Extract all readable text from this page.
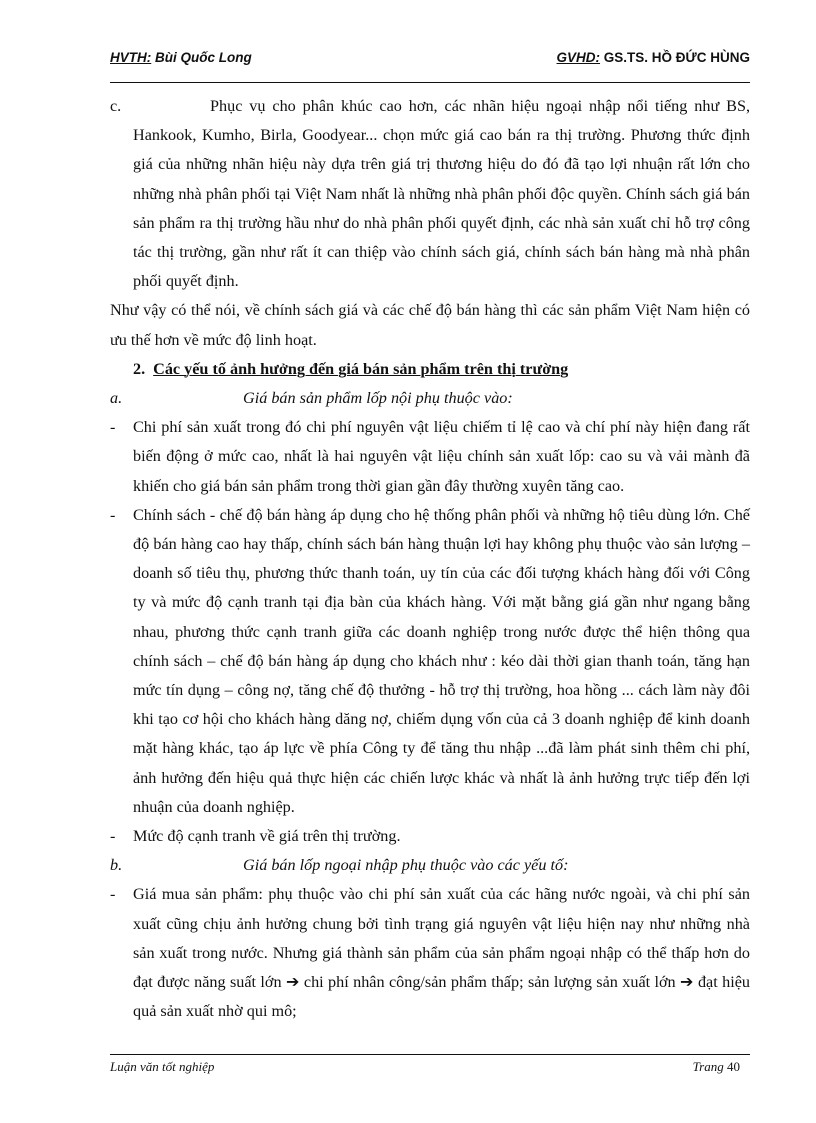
HVTH: Bùi Quốc Long	GVHD: GS.TS. HỒ ĐỨC HÙNG
c.	Phục vụ cho phân khúc cao hơn, các nhãn hiệu ngoại nhập nổi tiếng như BS, Hankook, Kumho, Birla, Goodyear... chọn mức giá cao bán ra thị trường. Phương thức định giá của những nhãn hiệu này dựa trên giá trị thương hiệu do đó đã tạo lợi nhuận rất lớn cho những nhà phân phối tại Việt Nam nhất là những nhà phân phối độc quyền. Chính sách giá bán sản phẩm ra thị trường hầu như do nhà phân phối quyết định, các nhà sản xuất chỉ hỗ trợ công tác thị trường, gần như rất ít can thiệp vào chính sách giá, chính sách bán hàng mà nhà phân phối quyết định.
Như vậy có thể nói, về chính sách giá và các chế độ bán hàng thì các sản phẩm Việt Nam hiện có ưu thế hơn về mức độ linh hoạt.
2. Các yếu tố ảnh hưởng đến giá bán sản phẩm trên thị trường
a.	Giá bán sản phẩm lốp nội phụ thuộc vào:
-	Chi phí sản xuất trong đó chi phí nguyên vật liệu chiếm tỉ lệ cao và chí phí này hiện đang rất biến động ở mức cao, nhất là hai nguyên vật liệu chính sản xuất lốp: cao su và vải mành đã khiến cho giá bán sản phẩm trong thời gian gần đây thường xuyên tăng cao.
-	Chính sách - chế độ bán hàng áp dụng cho hệ thống phân phối và những hộ tiêu dùng lớn. Chế độ bán hàng cao hay thấp, chính sách bán hàng thuận lợi hay không phụ thuộc vào sản lượng – doanh số tiêu thụ, phương thức thanh toán, uy tín của các đối tượng khách hàng đối với Công ty và mức độ cạnh tranh tại địa bàn của khách hàng. Với mặt bằng giá gần như ngang bằng nhau, phương thức cạnh tranh giữa các doanh nghiệp trong nước được thể hiện thông qua chính sách – chế độ bán hàng áp dụng cho khách như : kéo dài thời gian thanh toán, tăng hạn mức tín dụng – công nợ, tăng chế độ thưởng - hỗ trợ thị trường, hoa hồng ... cách làm này đôi khi tạo cơ hội cho khách hàng dăng nợ, chiếm dụng vốn của cả 3 doanh nghiệp để kinh doanh mặt hàng khác, tạo áp lực về phía Công ty để tăng thu nhập ...đã làm phát sinh thêm chi phí, ảnh hưởng đến hiệu quả thực hiện các chiến lược khác và nhất là ảnh hưởng trực tiếp đến lợi nhuận của doanh nghiệp.
-	Mức độ cạnh tranh về giá trên thị trường.
b.	Giá bán lốp ngoại nhập phụ thuộc vào các yếu tố:
-	Giá mua sản phẩm: phụ thuộc vào chi phí sản xuất của các hãng nước ngoài, và chi phí sản xuất cũng chịu ảnh hưởng chung bởi tình trạng giá nguyên vật liệu hiện nay như những nhà sản xuất trong nước. Nhưng giá thành sản phẩm của sản phẩm ngoại nhập có thể thấp hơn do đạt được năng suất lớn ➔ chi phí nhân công/sản phẩm thấp; sản lượng sản xuất lớn ➔ đạt hiệu quả sản xuất nhờ qui mô;
Luận văn tốt nghiệp	Trang 40
